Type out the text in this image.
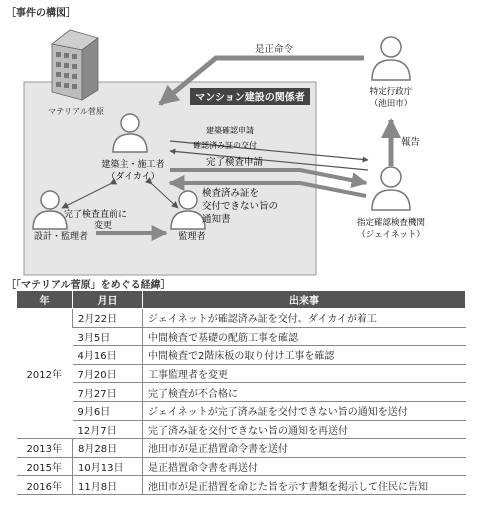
［事件の構図］
マンション建設の関係者
マテリアル菅原
建築主・施工者
（ダイカイ）
設計・監理者	監理者
特定行政庁
（池田市）
指定確認検査機関
（ジェイネット）
是正命令
建築確認申請
確認済み証の交付
完了検査申請
検査済み証を
交付できない旨の
通知書
報告
完了検査直前に
変更
［「マテリアル菅原」をめぐる経緯］
年	月日	出来事
2012年	2月22日	ジェイネットが確認済み証を交付、ダイカイが着工
	3月5日	中間検査で基礎の配筋工事を確認
	4月16日	中間検査で2階床板の取り付け工事を確認
	7月20日	工事監理者を変更
	7月27日	完了検査が不合格に
	9月6日	ジェイネットが完了済み証を交付できない旨の通知を送付
	12月7日	完了済み証を交付できない旨の通知を再送付
2013年	8月28日	池田市が是正措置命令書を送付
2015年	10月13日	是正措置命令書を再送付
2016年	11月8日	池田市が是正措置を命じた旨を示す書類を掲示して住民に告知
